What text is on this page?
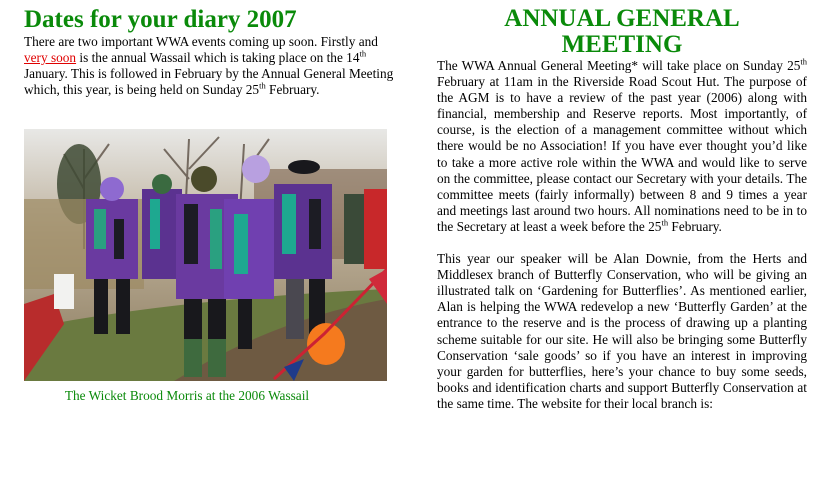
Dates for your diary 2007

There are two important WWA events coming up soon. Firstly and very soon is the annual Wassail which is taking place on the 14th January. This is followed in February by the Annual General Meeting which, this year, is being held on Sunday 25th February.

The Wicket Brood Morris at the 2006 Wassail
ANNUAL GENERAL
MEETING

The WWA Annual General Meeting* will take place on Sunday 25th February at 11am in the Riverside Road Scout Hut. The purpose of the AGM is to have a review of the past year (2006) along with financial, membership and Reserve reports. Most importantly, of course, is the election of a management committee without which there would be no Association! If you have ever thought you’d like to take a more active role within the WWA and would like to serve on the committee, please contact our Secretary with your details. The committee meets (fairly informally) between 8 and 9 times a year and meetings last around two hours. All nominations need to be in to the Secretary at least a week before the 25th February.

This year our speaker will be Alan Downie, from the Herts and Middlesex branch of Butterfly Conservation, who will be giving an illustrated talk on ‘Gardening for Butterflies’. As mentioned earlier, Alan is helping the WWA redevelop a new ‘Butterfly Garden’ at the entrance to the reserve and is the process of drawing up a planting scheme suitable for our site. He will also be bringing some Butterfly Conservation ‘sale goods’ so if you have an interest in improving your garden for butterflies, here’s your chance to buy some seeds, books and identification charts and support Butterfly Conservation at the same time. The website for their local branch is:
